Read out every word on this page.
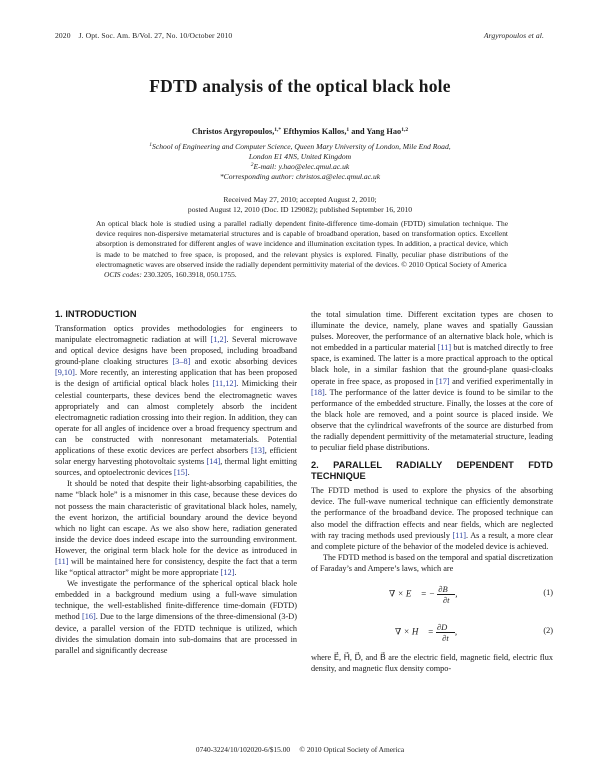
2020    J. Opt. Soc. Am. B/Vol. 27, No. 10/October 2010	Argyropoulos et al.
FDTD analysis of the optical black hole
Christos Argyropoulos,$^{1,*}$ Efthymios Kallos,$^1$ and Yang Hao$^{1,2}$
$^1$School of Engineering and Computer Science, Queen Mary University of London, Mile End Road,
London E1 4NS, United Kingdom
$^2$E-mail: y.hao@elec.qmul.ac.uk
*Corresponding author: christos.a@elec.qmul.ac.uk
Received May 27, 2010; accepted August 2, 2010;
posted August 12, 2010 (Doc. ID 129082); published September 16, 2010
An optical black hole is studied using a parallel radially dependent finite-difference time-domain (FDTD) simulation technique. The device requires non-dispersive metamaterial structures and is capable of broadband operation, based on transformation optics. Excellent absorption is demonstrated for different angles of wave incidence and illumination excitation types. In addition, a practical device, which is made to be matched to free space, is proposed, and the relevant physics is explored. Finally, peculiar phase distributions of the electromagnetic waves are observed inside the radially dependent permittivity material of the devices. © 2010 Optical Society of America
OCIS codes: 230.3205, 160.3918, 050.1755.
1. INTRODUCTION

Transformation optics provides methodologies for engineers to manipulate electromagnetic radiation at will [1,2]. Several microwave and optical device designs have been proposed, including broadband ground-plane cloaking structures [3–8] and exotic absorbing devices [9,10]. More recently, an interesting application that has been proposed is the design of artificial optical black holes [11,12]. Mimicking their celestial counterparts, these devices bend the electromagnetic waves appropriately and can almost completely absorb the incident electromagnetic radiation crossing into their region. In addition, they can operate for all angles of incidence over a broad frequency spectrum and can be constructed with nonresonant metamaterials. Potential applications of these exotic devices are perfect absorbers [13], efficient solar energy harvesting photovoltaic systems [14], thermal light emitting sources, and optoelectronic devices [15].

It should be noted that despite their light-absorbing capabilities, the name “black hole” is a misnomer in this case, because these devices do not possess the main characteristic of gravitational black holes, namely, the event horizon, the artificial boundary around the device beyond which no light can escape. As we also show here, radiation generated inside the device does indeed escape into the surrounding environment. However, the original term black hole for the device as introduced in [11] will be maintained here for consistency, despite the fact that a term like “optical attractor” might be more appropriate [12].

We investigate the performance of the spherical optical black hole embedded in a background medium using a full-wave simulation technique, the well-established finite-difference time-domain (FDTD) method [16]. Due to the large dimensions of the three-dimensional (3-D) device, a parallel version of the FDTD technique is utilized, which divides the simulation domain into sub-domains that are processed in parallel and significantly decrease

the total simulation time. Different excitation types are chosen to illuminate the device, namely, plane waves and spatially Gaussian pulses. Moreover, the performance of an alternative black hole, which is not embedded in a particular material [11] but is matched directly to free space, is examined. The latter is a more practical approach to the optical black hole, in a similar fashion that the ground-plane quasi-cloaks operate in free space, as proposed in [17] and verified experimentally in [18]. The performance of the latter device is found to be similar to the performance of the embedded structure. Finally, the losses at the core of the black hole are removed, and a point source is placed inside. We observe that the cylindrical wavefronts of the source are disturbed from the radially dependent permittivity of the metamaterial structure, leading to peculiar field phase distributions.

2. PARALLEL RADIALLY DEPENDENT FDTD TECHNIQUE

The FDTD method is used to explore the physics of the absorbing device. The full-wave numerical technique can efficiently demonstrate the performance of the broadband device. The proposed technique can also model the diffraction effects and near fields, which are neglected with ray tracing methods used previously [11]. As a result, a more clear and complete picture of the behavior of the modeled device is achieved.

The FDTD method is based on the temporal and spatial discretization of Faraday’s and Ampere’s laws, which are

∇ × E⃗ = − $\frac{\partial B⃗}{\partial t}$ ,	(1)
∇ × H⃗ = $\frac{\partial D⃗}{\partial t}$ ,	(2)

where E⃗, H⃗, D⃗, and B⃗ are the electric field, magnetic field, electric flux density, and magnetic flux density compo-

0740-3224/10/102020-6/$15.00     © 2010 Optical Society of America
